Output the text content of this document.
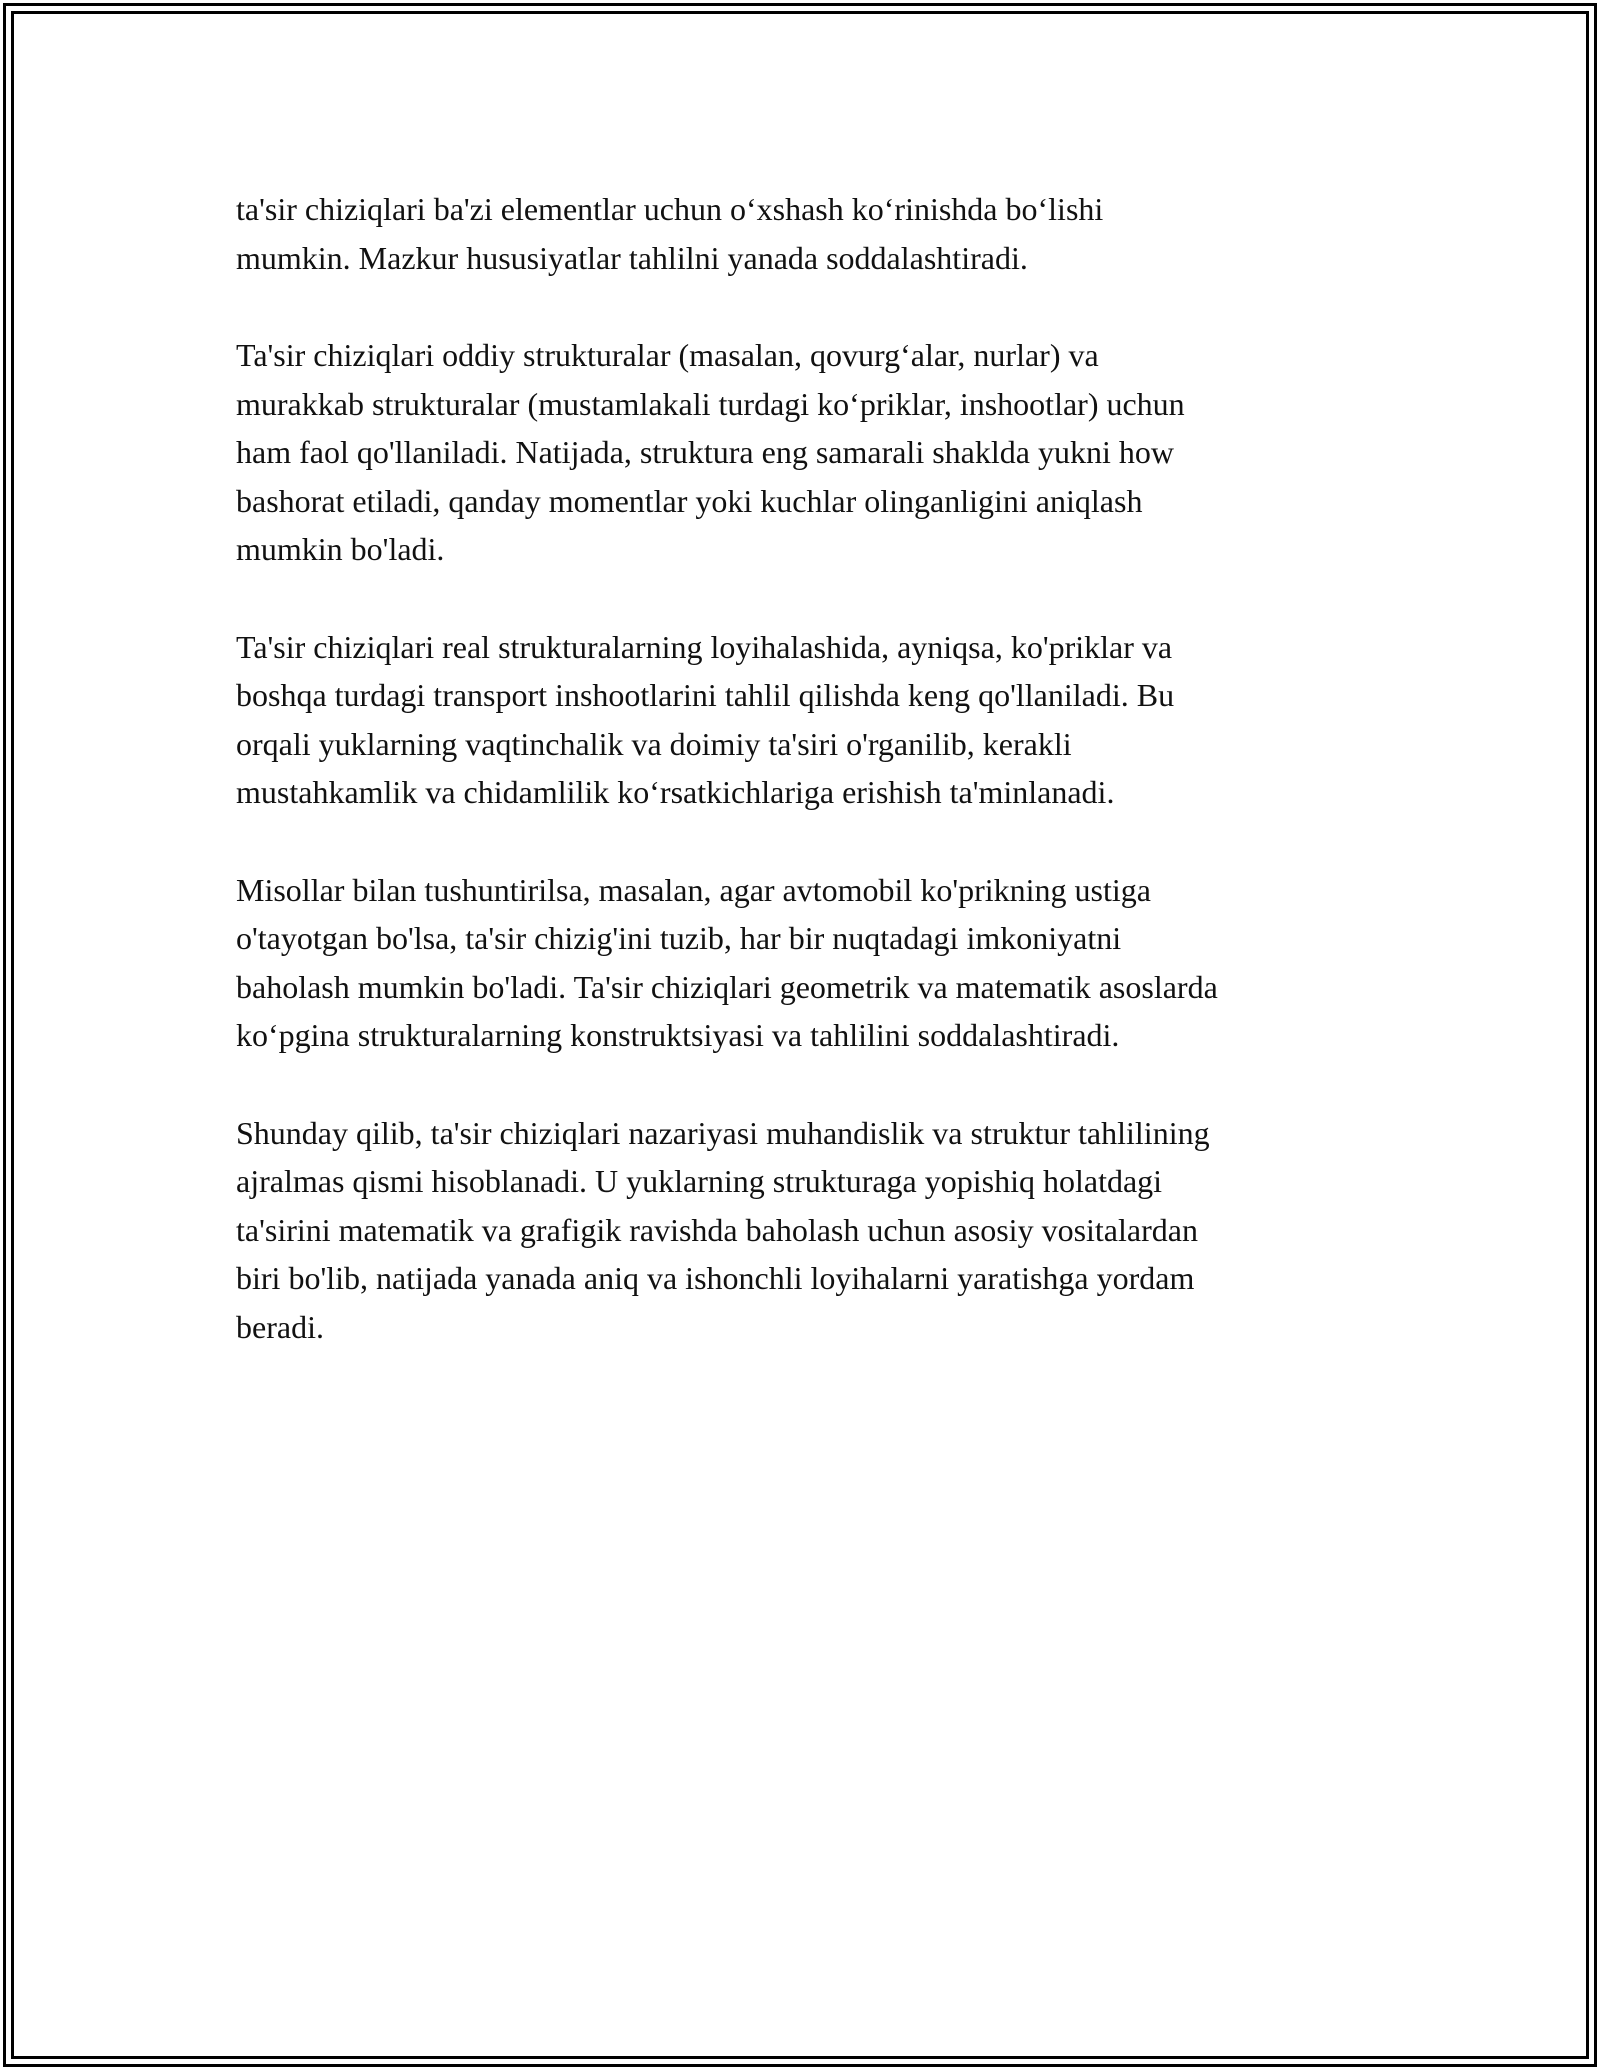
ta'sir chiziqlari ba'zi elementlar uchun o‘xshash ko‘rinishda bo‘lishi
mumkin. Mazkur hususiyatlar tahlilni yanada soddalashtiradi.

Ta'sir chiziqlari oddiy strukturalar (masalan, qovurg‘alar, nurlar) va
murakkab strukturalar (mustamlakali turdagi ko‘priklar, inshootlar) uchun
ham faol qo'llaniladi. Natijada, struktura eng samarali shaklda yukni how
bashorat etiladi, qanday momentlar yoki kuchlar olinganligini aniqlash
mumkin bo'ladi.

Ta'sir chiziqlari real strukturalarning loyihalashida, ayniqsa, ko'priklar va
boshqa turdagi transport inshootlarini tahlil qilishda keng qo'llaniladi. Bu
orqali yuklarning vaqtinchalik va doimiy ta'siri o'rganilib, kerakli
mustahkamlik va chidamlilik ko‘rsatkichlariga erishish ta'minlanadi.

Misollar bilan tushuntirilsa, masalan, agar avtomobil ko'prikning ustiga
o'tayotgan bo'lsa, ta'sir chizig'ini tuzib, har bir nuqtadagi imkoniyatni
baholash mumkin bo'ladi. Ta'sir chiziqlari geometrik va matematik asoslarda
ko‘pgina strukturalarning konstruktsiyasi va tahlilini soddalashtiradi.

Shunday qilib, ta'sir chiziqlari nazariyasi muhandislik va struktur tahlilining
ajralmas qismi hisoblanadi. U yuklarning strukturaga yopishiq holatdagi
ta'sirini matematik va grafigik ravishda baholash uchun asosiy vositalardan
biri bo'lib, natijada yanada aniq va ishonchli loyihalarni yaratishga yordam
beradi.
